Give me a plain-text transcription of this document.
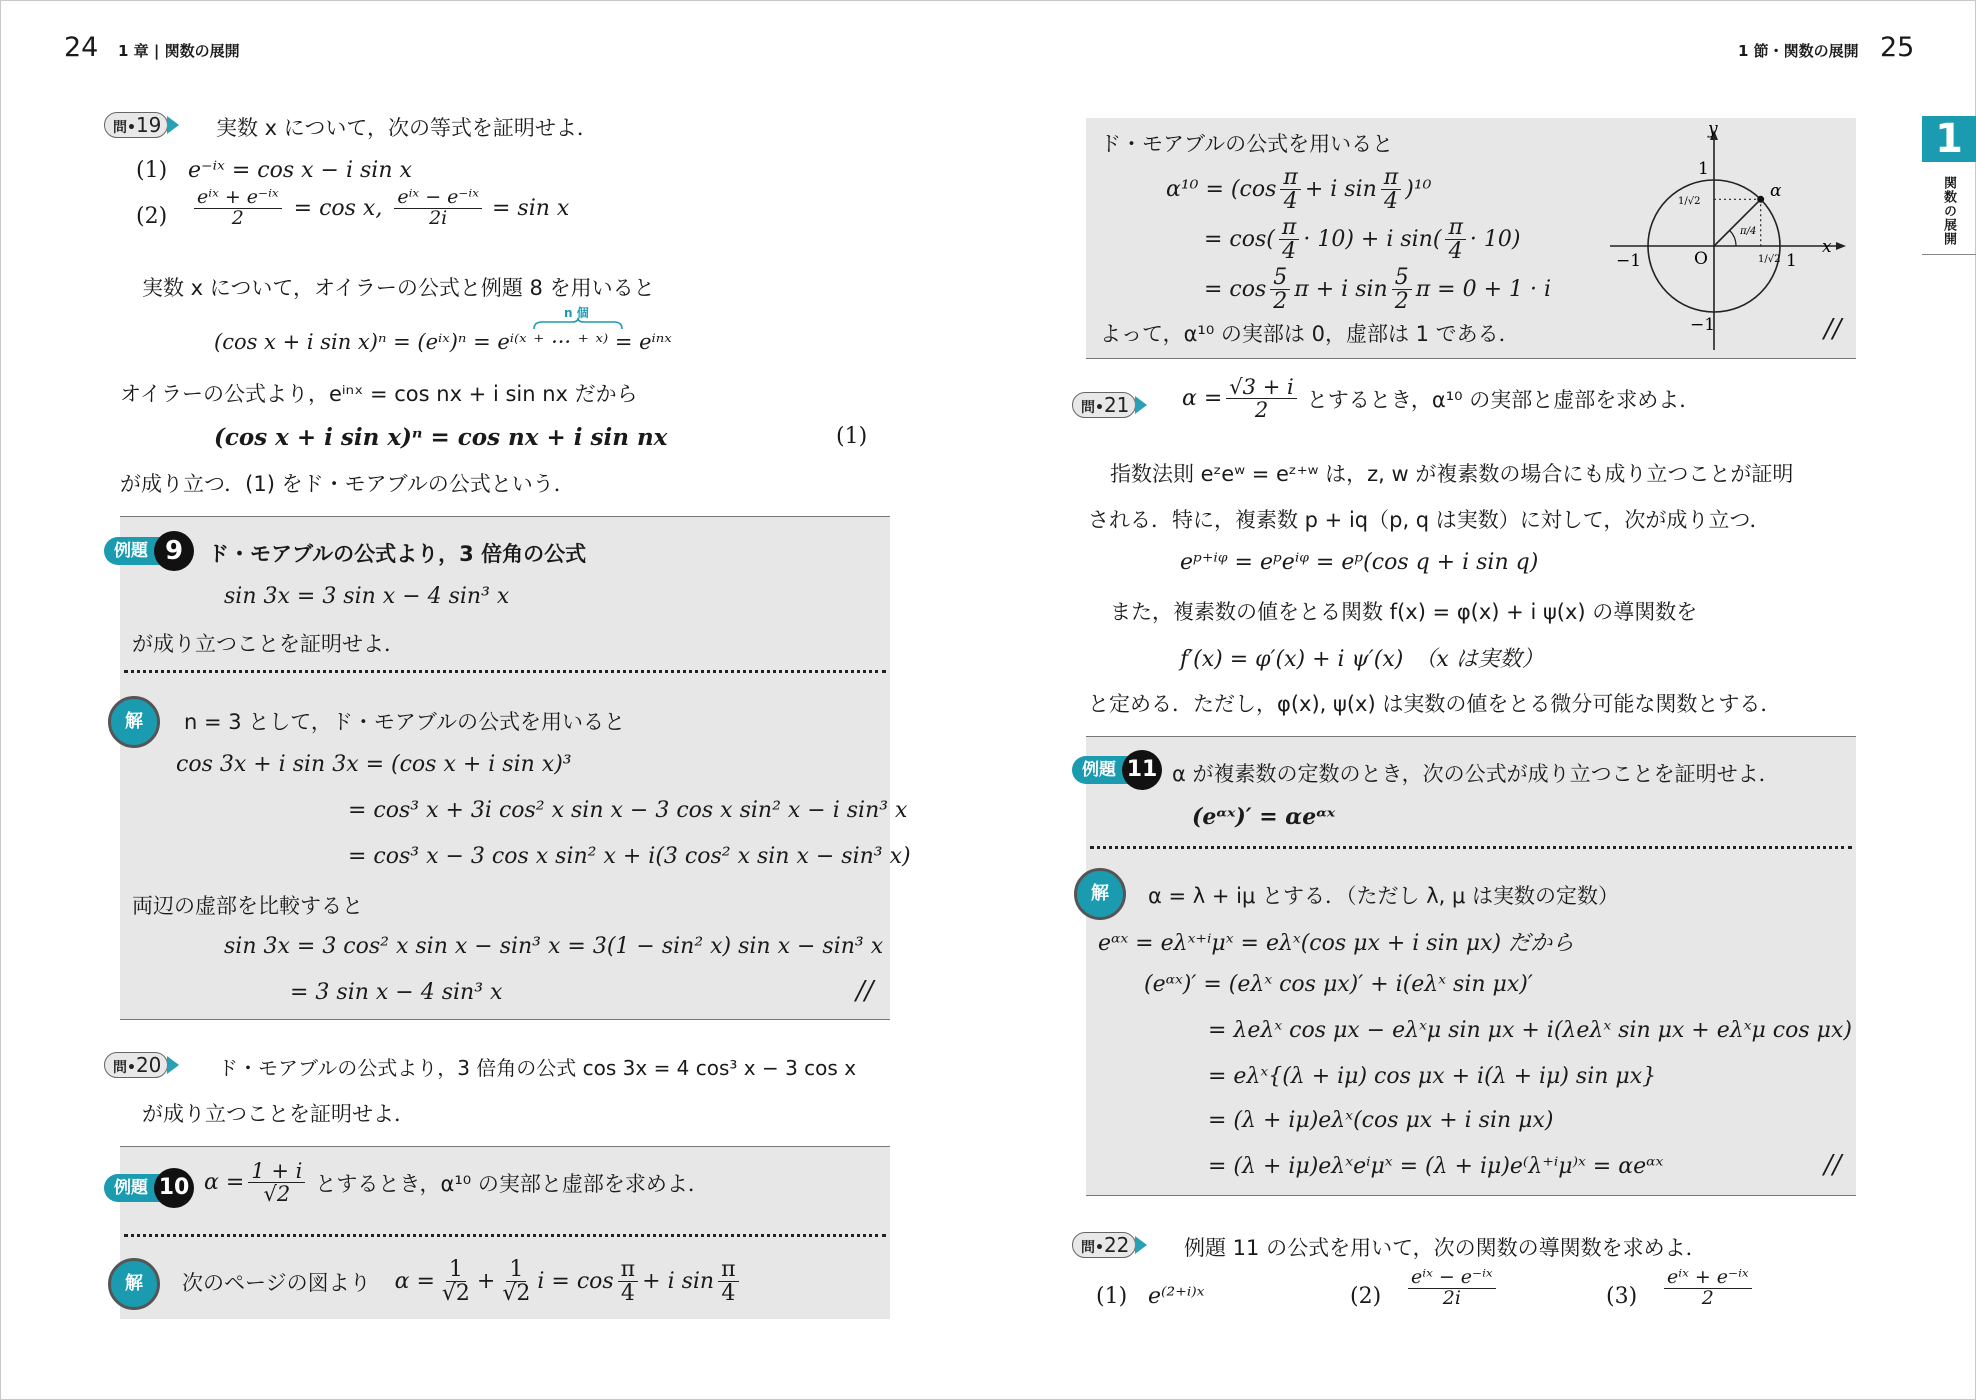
24 1 章 | 関数の展開	1 節・関数の展開 25
1
関数の展開
問•19	実数 x について，次の等式を証明せよ．
(1) e⁻ⁱˣ = cos x − i sin x
$(2) \frac{\text{eⁱˣ + e⁻ⁱˣ}}{2} = \cos x$, $\frac{\text{eⁱˣ − e⁻ⁱˣ}}{2i} = \sin x$
実数 x について，オイラーの公式と例題 8 を用いると
n 個
(cos x + i sin x)ⁿ = (eⁱˣ)ⁿ = eⁱ⁽ˣ ⁺ ··· ⁺ ˣ⁾ = eⁱⁿˣ
オイラーの公式より，eⁱⁿˣ = cos nx + i sin nx だから
(cos x + i sin x)ⁿ = cos nx + i sin nx	(1)
が成り立つ．(1) をド・モアブルの公式という．
例題 9	ド・モアブルの公式より，3 倍角の公式
sin 3x = 3 sin x − 4 sin³ x
が成り立つことを証明せよ．
解	n = 3 として，ド・モアブルの公式を用いると
cos 3x + i sin 3x = (cos x + i sin x)³
= cos³ x + 3i cos² x sin x − 3 cos x sin² x − i sin³ x
= cos³ x − 3 cos x sin² x + i(3 cos² x sin x − sin³ x)
両辺の虚部を比較すると
sin 3x = 3 cos² x sin x − sin³ x = 3(1 − sin² x) sin x − sin³ x
= 3 sin x − 4 sin³ x	//
問•20	ド・モアブルの公式より，3 倍角の公式 cos 3x = 4 cos³ x − 3 cos x
が成り立つことを証明せよ．
例題 10 $\alpha = \frac{1 + i}{√2}$ とするとき，α¹⁰ の実部と虚部を求めよ．
解	次のページの図より $\alpha = \frac{1}{√2} + \frac{1}{√2}$ $i = \cos \frac{\pi}{4} + i$ $\sin \frac{\pi}{4}$
ド・モアブルの公式を用いると
$\alpha^{10} = (\cos \frac{\pi}{4} + i$ $\sin \frac{\pi}{4} )^{10}$
= $\cos( \frac{\pi}{4} \cdot 10) + i$ $\sin( \frac{\pi}{4} \cdot 10)$
= $\cos \frac{5}{2}$ π + i $\sin \frac{5}{2}$ π = 0 + 1 · i
よって，α¹⁰ の実部は 0，虚部は 1 である．	//
y
x
O
1
−1
−1	1
α
π/4
1/√2
1/√2
問•21	$\alpha = \frac{√3 + i}{2}$ とするとき，α¹⁰ の実部と虚部を求めよ．
指数法則 eᶻeʷ = eᶻ⁺ʷ は，z, w が複素数の場合にも成り立つことが証明
される．特に，複素数 p + iq（p, q は実数）に対して，次が成り立つ．
eᵖ⁺ⁱᵠ = eᵖeⁱᵠ = eᵖ(cos q + i sin q)
また，複素数の値をとる関数 f(x) = φ(x) + i ψ(x) の導関数を
f′(x) = φ′(x) + i ψ′(x)　（x は実数）
と定める．ただし，φ(x), ψ(x) は実数の値をとる微分可能な関数とする．
例題 11 α が複素数の定数のとき，次の公式が成り立つことを証明せよ．
(eᵅˣ)′ = αeᵅˣ
解	α = λ + iμ とする．（ただし λ, μ は実数の定数）
eᵅˣ = eλˣ⁺ⁱμˣ = eλˣ(cos μx + i sin μx) だから
(eᵅˣ)′ = (eλˣ cos μx)′ + i(eλˣ sin μx)′
= λeλˣ cos μx − eλˣμ sin μx + i(λeλˣ sin μx + eλˣμ cos μx)
= eλˣ{(λ + iμ) cos μx + i(λ + iμ) sin μx}
= (λ + iμ)eλˣ(cos μx + i sin μx)
= (λ + iμ)eλˣeⁱμˣ = (λ + iμ)e⁽λ⁺ⁱμ⁾ˣ = αeᵅˣ	//
問•22	例題 11 の公式を用いて，次の関数の導関数を求めよ．
(1) e⁽²⁺ⁱ⁾ˣ	$(2) \frac{\text{eⁱˣ − e⁻ⁱˣ}}{2i}$	$(3) \frac{\text{eⁱˣ + e⁻ⁱˣ}}{2}$
